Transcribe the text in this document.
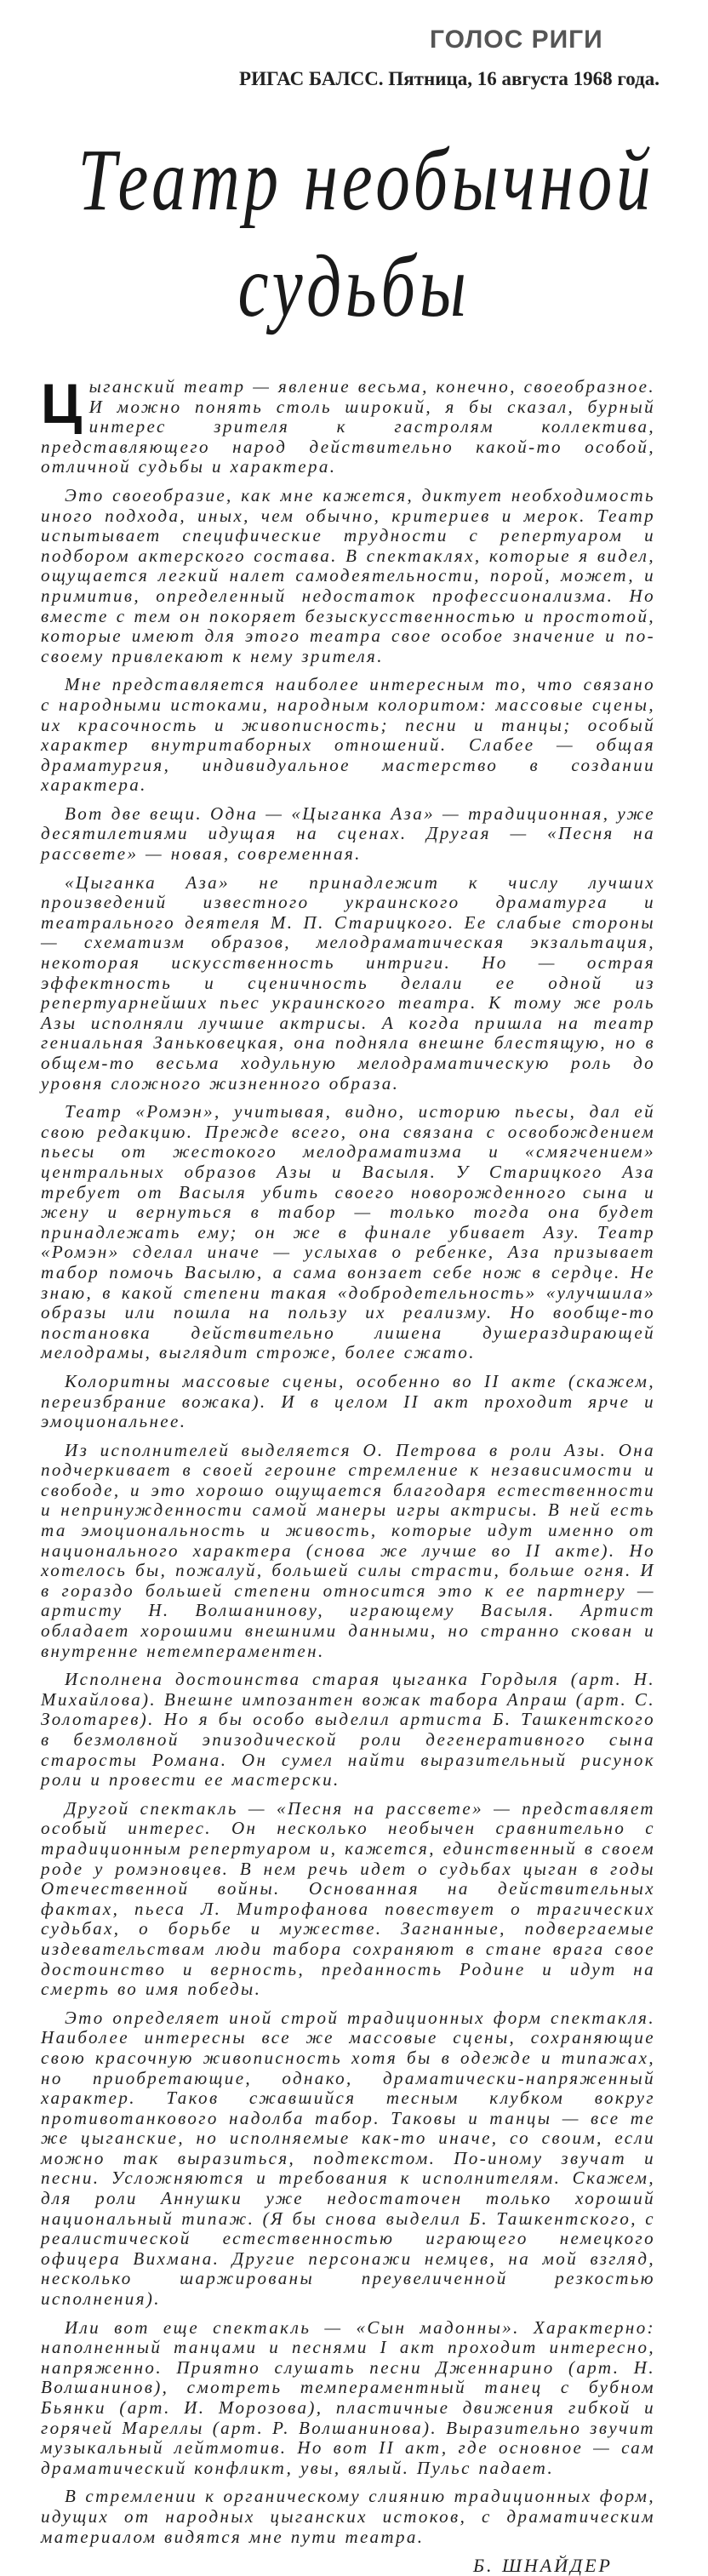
ГОЛОС РИГИ
РИГАС БАЛСС. Пятница, 16 августа 1968 года.
Театр необычной
судьбы

Цыганский театр — явление весьма, конечно, своеобразное. И можно понять столь широкий, я бы сказал, бурный интерес зрителя к гастролям коллектива, представляющего народ действительно какой-то особой, отличной судьбы и характера.

Это своеобразие, как мне кажется, диктует необходимость иного подхода, иных, чем обычно, критериев и мерок. Театр испытывает специфические трудности с репертуаром и подбором актерского состава. В спектаклях, которые я видел, ощущается легкий налет самодеятельности, порой, может, и примитив, определенный недостаток профессионализма. Но вместе с тем он покоряет безыскусственностью и простотой, которые имеют для этого театра свое особое значение и по-своему привлекают к нему зрителя.

Мне представляется наиболее интересным то, что связано с народными истоками, народным колоритом: массовые сцены, их красочность и живописность; песни и танцы; особый характер внутритаборных отношений. Слабее — общая драматургия, индивидуальное мастерство в создании характера.

Вот две вещи. Одна — «Цыганка Аза» — традиционная, уже десятилетиями идущая на сценах. Другая — «Песня на рассвете» — новая, современная.

«Цыганка Аза» не принадлежит к числу лучших произведений известного украинского драматурга и театрального деятеля М. П. Старицкого. Ее слабые стороны — схематизм образов, мелодраматическая экзальтация, некоторая искусственность интриги. Но — острая эффектность и сценичность делали ее одной из репертуарнейших пьес украинского театра. К тому же роль Азы исполняли лучшие актрисы. А когда пришла на театр гениальная Заньковецкая, она подняла внешне блестящую, но в общем-то весьма ходульную мелодраматическую роль до уровня сложного жизненного образа.

Театр «Ромэн», учитывая, видно, историю пьесы, дал ей свою редакцию. Прежде всего, она связана с освобождением пьесы от жестокого мелодраматизма и «смягчением» центральных образов Азы и Васыля. У Старицкого Аза требует от Васыля убить своего новорожденного сына и жену и вернуться в табор — только тогда она будет принадлежать ему; он же в финале убивает Азу. Театр «Ромэн» сделал иначе — услыхав о ребенке, Аза призывает табор помочь Васылю, а сама вонзает себе нож в сердце. Не знаю, в какой степени такая «добродетельность» «улучшила» образы или пошла на пользу их реализму. Но вообще-то постановка действительно лишена душераздирающей мелодрамы, выглядит строже, более сжато.

Колоритны массовые сцены, особенно во II акте (скажем, переизбрание вожака). И в целом II акт проходит ярче и эмоциональнее.

Из исполнителей выделяется О. Петрова в роли Азы. Она подчеркивает в своей героине стремление к независимости и свободе, и это хорошо ощущается благодаря естественности и непринужденности самой манеры игры актрисы. В ней есть та эмоциональность и живость, которые идут именно от национального характера (снова же лучше во II акте). Но хотелось бы, пожалуй, большей силы страсти, больше огня. И в гораздо большей степени относится это к ее партнеру — артисту Н. Волшанинову, играющему Васыля. Артист обладает хорошими внешними данными, но странно скован и внутренне нетемпераментен.

Исполнена достоинства старая цыганка Гордыля (арт. Н. Михайлова). Внешне импозантен вожак табора Апраш (арт. С. Золотарев). Но я бы особо выделил артиста Б. Ташкентского в безмолвной эпизодической роли дегенеративного сына старосты Романа. Он сумел найти выразительный рисунок роли и провести ее мастерски.

Другой спектакль — «Песня на рассвете» — представляет особый интерес. Он несколько необычен сравнительно с традиционным репертуаром и, кажется, единственный в своем роде у ромэновцев. В нем речь идет о судьбах цыган в годы Отечественной войны. Основанная на действительных фактах, пьеса Л. Митрофанова повествует о трагических судьбах, о борьбе и мужестве. Загнанные, подвергаемые издевательствам люди табора сохраняют в стане врага свое достоинство и верность, преданность Родине и идут на смерть во имя победы.

Это определяет иной строй традиционных форм спектакля. Наиболее интересны все же массовые сцены, сохраняющие свою красочную живописность хотя бы в одежде и типажах, но приобретающие, однако, драматически-напряженный характер. Таков сжавшийся тесным клубком вокруг противотанкового надолба табор. Таковы и танцы — все те же цыганские, но исполняемые как-то иначе, со своим, если можно так выразиться, подтекстом. По-иному звучат и песни. Усложняются и требования к исполнителям. Скажем, для роли Аннушки уже недостаточен только хороший национальный типаж. (Я бы снова выделил Б. Ташкентского, с реалистической естественностью играющего немецкого офицера Вихмана. Другие персонажи немцев, на мой взгляд, несколько шаржированы преувеличенной резкостью исполнения).

Или вот еще спектакль — «Сын мадонны». Характерно: наполненный танцами и песнями I акт проходит интересно, напряженно. Приятно слушать песни Дженнарино (арт. Н. Волшанинов), смотреть темпераментный танец с бубном Бьянки (арт. И. Морозова), пластичные движения гибкой и горячей Мареллы (арт. Р. Волшанинова). Выразительно звучит музыкальный лейтмотив. Но вот II акт, где основное — сам драматический конфликт, увы, вялый. Пульс падает.

В стремлении к органическому слиянию традиционных форм, идущих от народных цыганских истоков, с драматическим материалом видятся мне пути театра.

Б. ШНАЙДЕР
